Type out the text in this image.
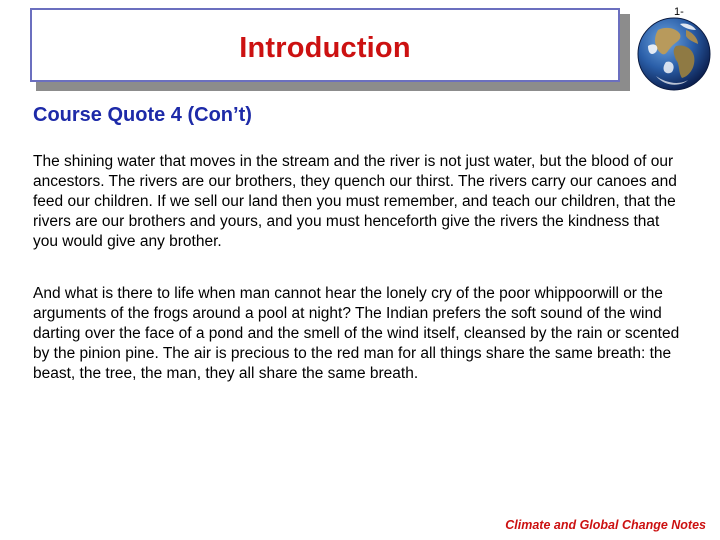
Introduction
1-
Course Quote 4 (Con’t)
The shining water that moves in the stream and the river is not just water, but the blood of our ancestors. The rivers are our brothers, they quench our thirst. The rivers carry our canoes and feed our children. If we sell our land then you must remember, and teach our children, that the rivers are our brothers and yours, and you must henceforth give the rivers the kindness that you would give any brother.
And what is there to life when man cannot hear the lonely cry of the poor whippoorwill or the arguments of the frogs around a pool at night? The Indian prefers the soft sound of the wind darting over the face of a pond and the smell of the wind itself, cleansed by the rain or scented by the pinion pine. The air is precious to the red man for all things share the same breath: the beast, the tree, the man, they all share the same breath.
Climate and Global Change Notes
